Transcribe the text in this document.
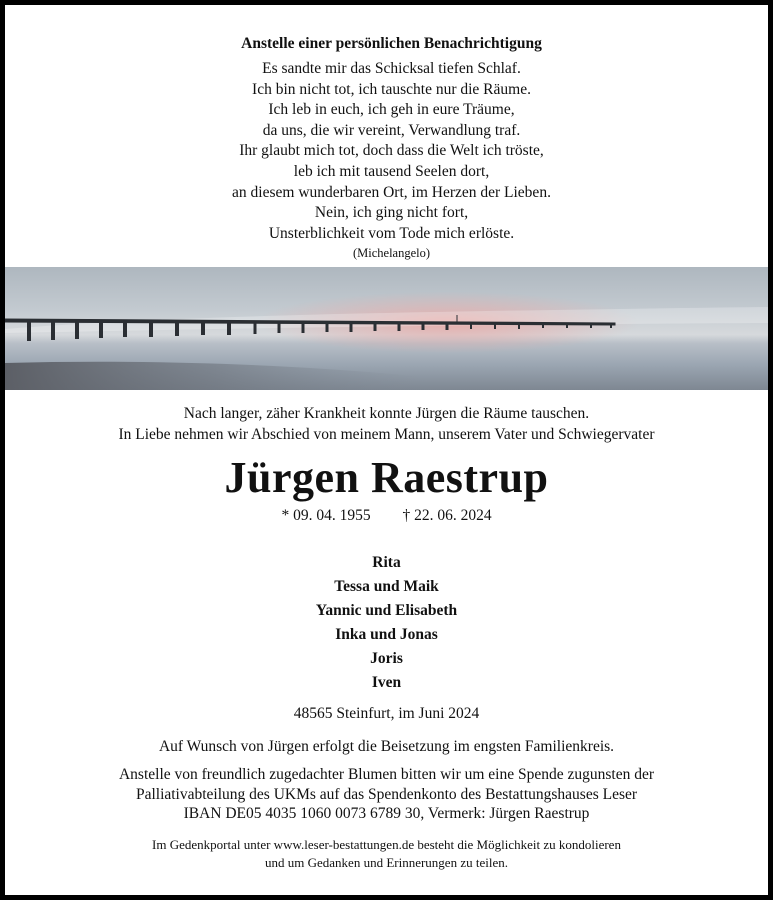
Anstelle einer persönlichen Benachrichtigung
Es sandte mir das Schicksal tiefen Schlaf.
Ich bin nicht tot, ich tauschte nur die Räume.
Ich leb in euch, ich geh in eure Träume,
da uns, die wir vereint, Verwandlung traf.
Ihr glaubt mich tot, doch dass die Welt ich tröste,
leb ich mit tausend Seelen dort,
an diesem wunderbaren Ort, im Herzen der Lieben.
Nein, ich ging nicht fort,
Unsterblichkeit vom Tode mich erlöste.
(Michelangelo)
Nach langer, zäher Krankheit konnte Jürgen die Räume tauschen.
In Liebe nehmen wir Abschied von meinem Mann, unserem Vater und Schwiegervater
Jürgen Raestrup
* 09. 04. 1955 † 22. 06. 2024
Rita
Tessa und Maik
Yannic und Elisabeth
Inka und Jonas
Joris
Iven
48565 Steinfurt, im Juni 2024
Auf Wunsch von Jürgen erfolgt die Beisetzung im engsten Familienkreis.
Anstelle von freundlich zugedachter Blumen bitten wir um eine Spende zugunsten der
Palliativabteilung des UKMs auf das Spendenkonto des Bestattungshauses Leser
IBAN DE05 4035 1060 0073 6789 30, Vermerk: Jürgen Raestrup
Im Gedenkportal unter www.leser-bestattungen.de besteht die Möglichkeit zu kondolieren
und um Gedanken und Erinnerungen zu teilen.
